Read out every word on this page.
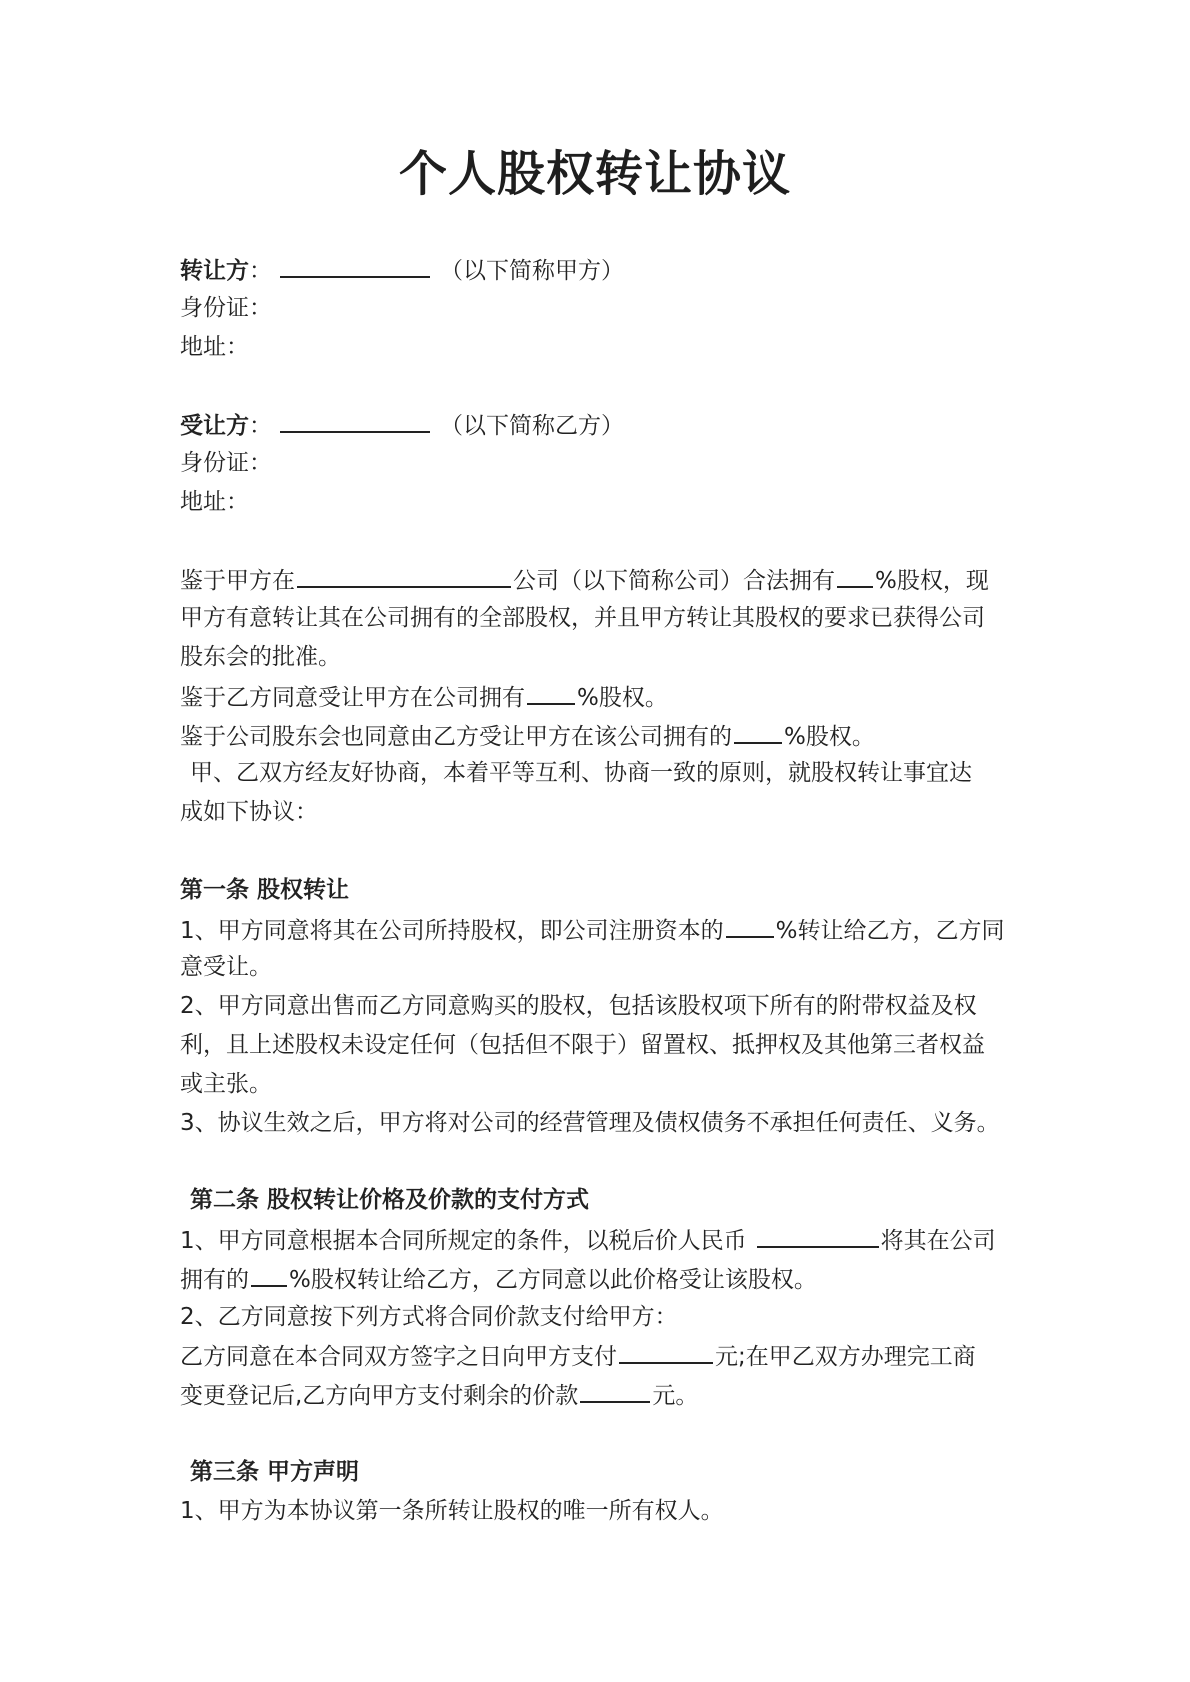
个人股权转让协议
转让方：	（以下简称甲方）
身份证：
地址：
受让方：	（以下简称乙方）
身份证：
地址：
鉴于甲方在	公司（以下简称公司）合法拥有 %股权，现
甲方有意转让其在公司拥有的全部股权，并且甲方转让其股权的要求已获得公司
股东会的批准。
鉴于乙方同意受让甲方在公司拥有 %股权。
鉴于公司股东会也同意由乙方受让甲方在该公司拥有的 %股权。
甲、乙双方经友好协商，本着平等互利、协商一致的原则，就股权转让事宜达
成如下协议：
第一条 股权转让
1、甲方同意将其在公司所持股权，即公司注册资本的 %转让给乙方，乙方同
意受让。
2、甲方同意出售而乙方同意购买的股权，包括该股权项下所有的附带权益及权
利，且上述股权未设定任何（包括但不限于）留置权、抵押权及其他第三者权益
或主张。
3、协议生效之后，甲方将对公司的经营管理及债权债务不承担任何责任、义务。
第二条 股权转让价格及价款的支付方式
1、甲方同意根据本合同所规定的条件，以税后价人民币	将其在公司
拥有的 %股权转让给乙方，乙方同意以此价格受让该股权。
2、乙方同意按下列方式将合同价款支付给甲方：
乙方同意在本合同双方签字之日向甲方支付	元;在甲乙双方办理完工商
变更登记后,乙方向甲方支付剩余的价款	元。
第三条 甲方声明
1、甲方为本协议第一条所转让股权的唯一所有权人。
